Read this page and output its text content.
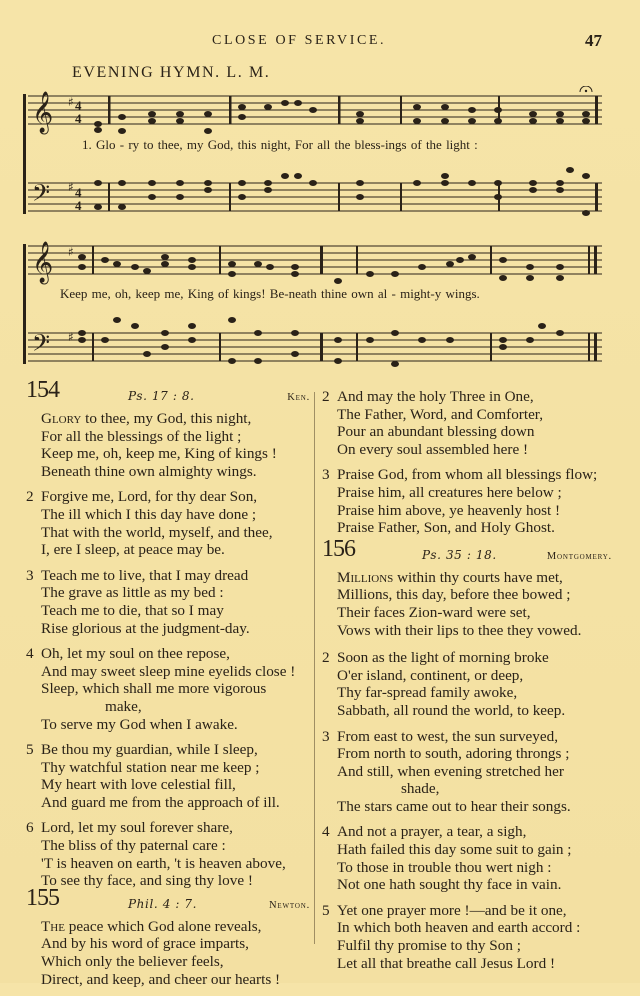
CLOSE OF SERVICE.	47
EVENING HYMN. L. M.
𝄞
𝄢
♯
♯
4
4
4
4
1. Glo - ry to thee, my God, this night, For all the bless-ings of the light :
𝄞
𝄢
♯
♯
Keep me, oh, keep me, King of kings! Be-neath thine own al - might-y wings.
154	Ps. 17 : 8.	Ken.
Glory to thee, my God, this night,
For all the blessings of the light ;
Keep me, oh, keep me, King of kings !
Beneath thine own almighty wings.
2 Forgive me, Lord, for thy dear Son,
The ill which I this day have done ;
That with the world, myself, and thee,
I, ere I sleep, at peace may be.
3 Teach me to live, that I may dread
The grave as little as my bed :
Teach me to die, that so I may
Rise glorious at the judgment-day.
4 Oh, let my soul on thee repose,
And may sweet sleep mine eyelids close !
Sleep, which shall me more vigorous
make,
To serve my God when I awake.
5 Be thou my guardian, while I sleep,
Thy watchful station near me keep ;
My heart with love celestial fill,
And guard me from the approach of ill.
6 Lord, let my soul forever share,
The bliss of thy paternal care :
'T is heaven on earth, 't is heaven above,
To see thy face, and sing thy love !
155	Phil. 4 : 7.	Newton.
The peace which God alone reveals,
And by his word of grace imparts,
Which only the believer feels,
Direct, and keep, and cheer our hearts !
2 And may the holy Three in One,
The Father, Word, and Comforter,
Pour an abundant blessing down
On every soul assembled here !
3 Praise God, from whom all blessings flow;
Praise him, all creatures here below ;
Praise him above, ye heavenly host !
Praise Father, Son, and Holy Ghost.
156	Ps. 35 : 18.	Montgomery.
Millions within thy courts have met,
Millions, this day, before thee bowed ;
Their faces Zion-ward were set,
Vows with their lips to thee they vowed.
2 Soon as the light of morning broke
O'er island, continent, or deep,
Thy far-spread family awoke,
Sabbath, all round the world, to keep.
3 From east to west, the sun surveyed,
From north to south, adoring throngs ;
And still, when evening stretched her
shade,
The stars came out to hear their songs.
4 And not a prayer, a tear, a sigh,
Hath failed this day some suit to gain ;
To those in trouble thou wert nigh :
Not one hath sought thy face in vain.
5 Yet one prayer more !—and be it one,
In which both heaven and earth accord :
Fulfil thy promise to thy Son ;
Let all that breathe call Jesus Lord !
